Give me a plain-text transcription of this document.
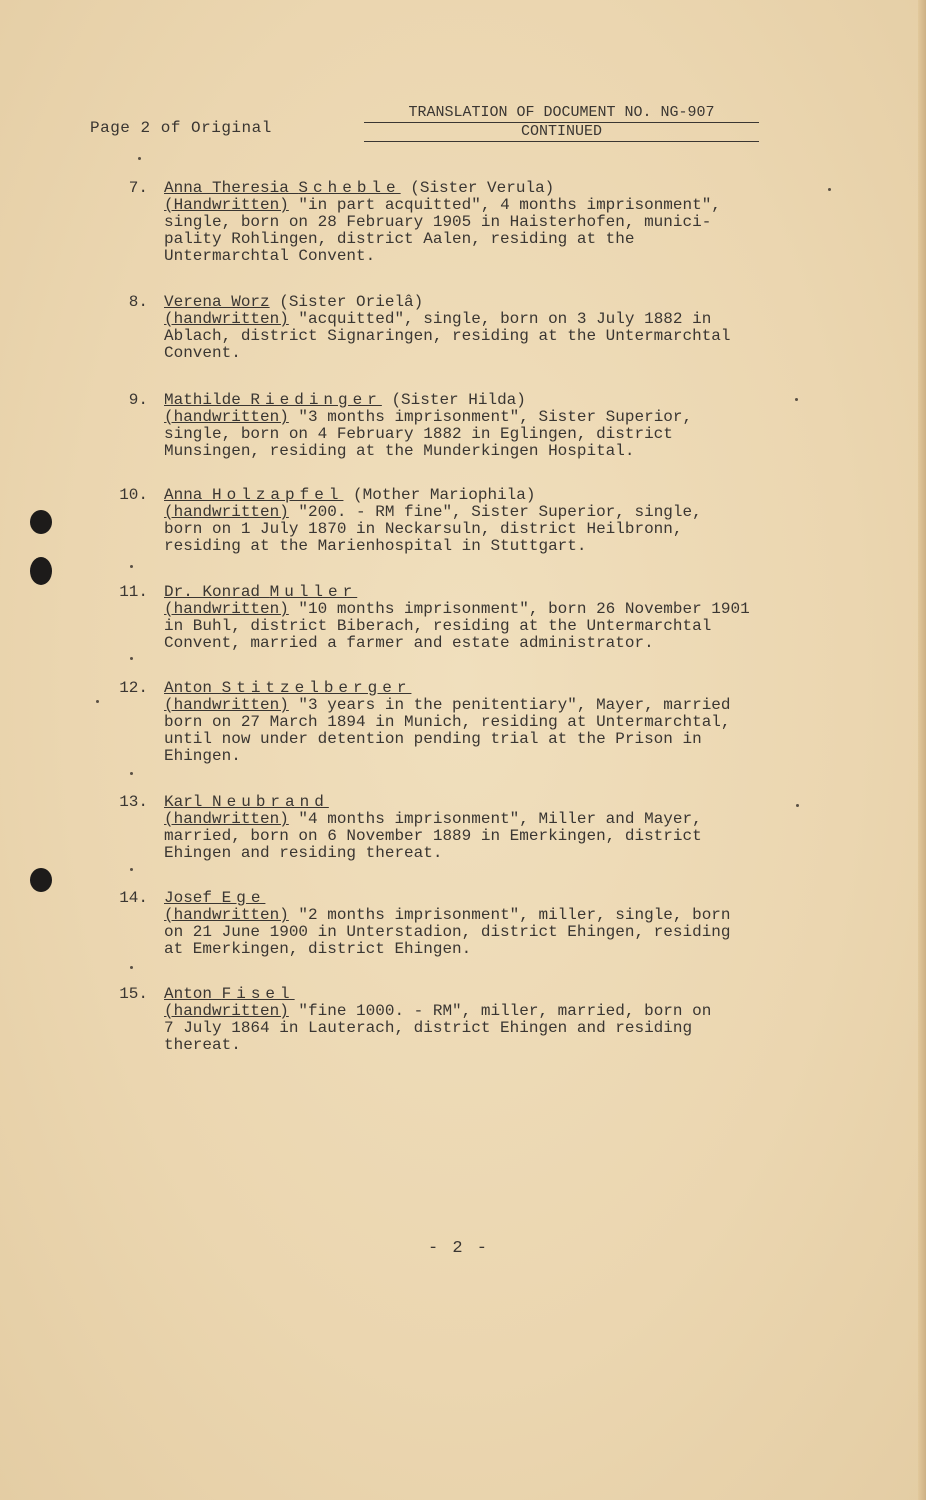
Page 2 of Original
TRANSLATION OF DOCUMENT NO. NG-907
CONTINUED
7. Anna Theresia Scheble (Sister Verula)
(Handwritten) "in part acquitted", 4 months imprisonment",
single, born on 28 February 1905 in Haisterhofen, munici-
pality Rohlingen, district Aalen, residing at the
Untermarchtal Convent.
8. Verena Worz (Sister Orielâ)
(handwritten) "acquitted", single, born on 3 July 1882 in
Ablach, district Signaringen, residing at the Untermarchtal
Convent.
9. Mathilde Riedinger (Sister Hilda)
(handwritten) "3 months imprisonment", Sister Superior,
single, born on 4 February 1882 in Eglingen, district
Munsingen, residing at the Munderkingen Hospital.
10. Anna Holzapfel (Mother Mariophila)
(handwritten) "200. - RM fine", Sister Superior, single,
born on 1 July 1870 in Neckarsuln, district Heilbronn,
residing at the Marienhospital in Stuttgart.
11. Dr. Konrad Muller
(handwritten) "10 months imprisonment", born 26 November 1901
in Buhl, district Biberach, residing at the Untermarchtal
Convent, married a farmer and estate administrator.
12. Anton Stitzelberger
(handwritten) "3 years in the penitentiary", Mayer, married
born on 27 March 1894 in Munich, residing at Untermarchtal,
until now under detention pending trial at the Prison in
Ehingen.
13. Karl Neubrand
(handwritten) "4 months imprisonment", Miller and Mayer,
married, born on 6 November 1889 in Emerkingen, district
Ehingen and residing thereat.
14. Josef Ege
(handwritten) "2 months imprisonment", miller, single, born
on 21 June 1900 in Unterstadion, district Ehingen, residing
at Emerkingen, district Ehingen.
15. Anton Fisel
(handwritten) "fine 1000. - RM", miller, married, born on
7 July 1864 in Lauterach, district Ehingen and residing
thereat.
- 2 -
